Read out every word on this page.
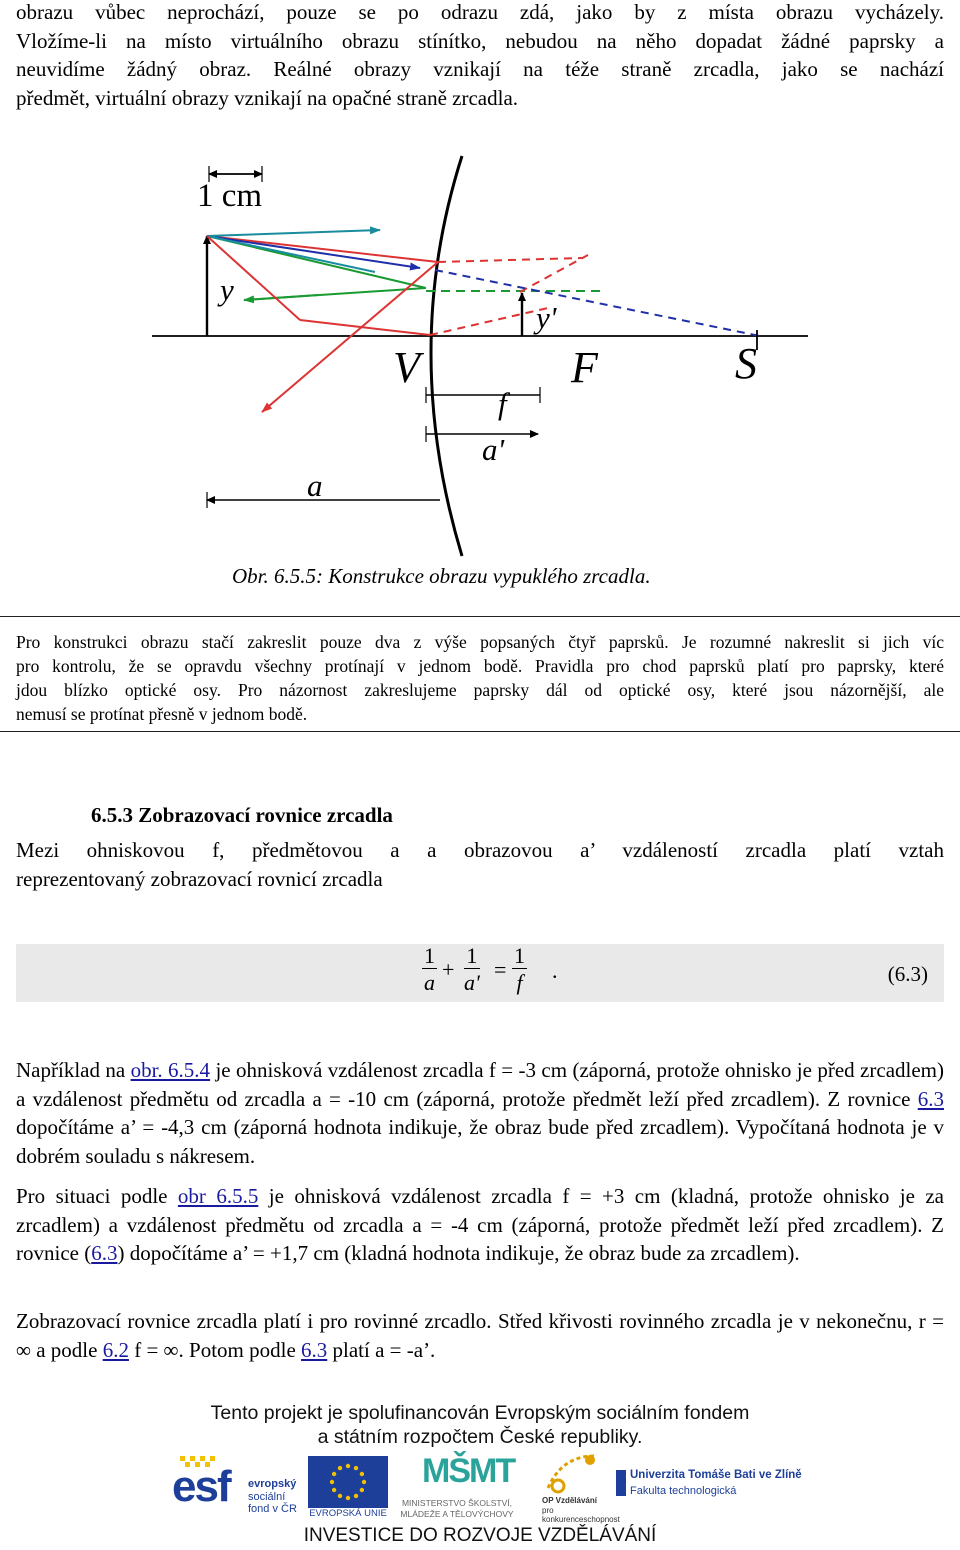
obrazu vůbec neprochází, pouze se po odrazu zdá, jako by z místa obrazu vycházely.

Vložíme-li na místo virtuálního obrazu stínítko, nebudou na něho dopadat žádné paprsky a

neuvidíme žádný obraz. Reálné obrazy vznikají na téže straně zrcadla, jako se nachází

předmět, virtuální obrazy vznikají na opačné straně zrcadla.

1 cm
y
y'
V	F	S
f
a'
a
Obr. 6.5.5: Konstrukce obrazu vypuklého zrcadla.

Pro konstrukci obrazu stačí zakreslit pouze dva z výše popsaných čtyř paprsků. Je rozumné nakreslit si jich víc

pro kontrolu, že se opravdu všechny protínají v jednom bodě. Pravidla pro chod paprsků platí pro paprsky, které

jdou blízko optické osy. Pro názornost zakreslujeme paprsky dál od optické osy, které jsou názornější, ale

nemusí se protínat přesně v jednom bodě.

6.5.3 Zobrazovací rovnice zrcadla

Mezi ohniskovou f, předmětovou a a obrazovou a’ vzdáleností zrcadla platí vztah

reprezentovaný zobrazovací rovnicí zrcadla

$\frac{1}{a} + \frac{1}{a'} = \frac{1}{f}$ .	(6.3)
Například na obr. 6.5.4 je ohnisková vzdálenost zrcadla f = -3 cm (záporná, protože ohnisko je před zrcadlem) a vzdálenost předmětu od zrcadla a = -10 cm (záporná, protože předmět leží před zrcadlem). Z rovnice 6.3 dopočítáme a’ = -4,3 cm (záporná hodnota indikuje, že obraz bude před zrcadlem). Vypočítaná hodnota je v dobrém souladu s nákresem.
Pro situaci podle obr 6.5.5 je ohnisková vzdálenost zrcadla f = +3 cm (kladná, protože ohnisko je za zrcadlem) a vzdálenost předmětu od zrcadla a = -4 cm (záporná, protože předmět leží před zrcadlem). Z rovnice (6.3) dopočítáme a’ = +1,7 cm (kladná hodnota indikuje, že obraz bude za zrcadlem).
Zobrazovací rovnice zrcadla platí i pro rovinné zrcadlo. Střed křivosti rovinného zrcadla je v nekonečnu, r = ∞ a podle 6.2 f = ∞. Potom podle 6.3 platí a = -a’.
Tento projekt je spolufinancován Evropským sociálním fondem
a státním rozpočtem České republiky.
esf evropský
sociální
fond v ČR EVROPSKÁ UNIE
MŠMT
MINISTERSTVO ŠKOLSTVÍ,
MLÁDEŽE A TĚLOVÝCHOVY
OP Vzdělávání
pro konkurenceschopnost
Univerzita Tomáše Bati ve Zlíně
Fakulta technologická
INVESTICE DO ROZVOJE VZDĚLÁVÁNÍ
